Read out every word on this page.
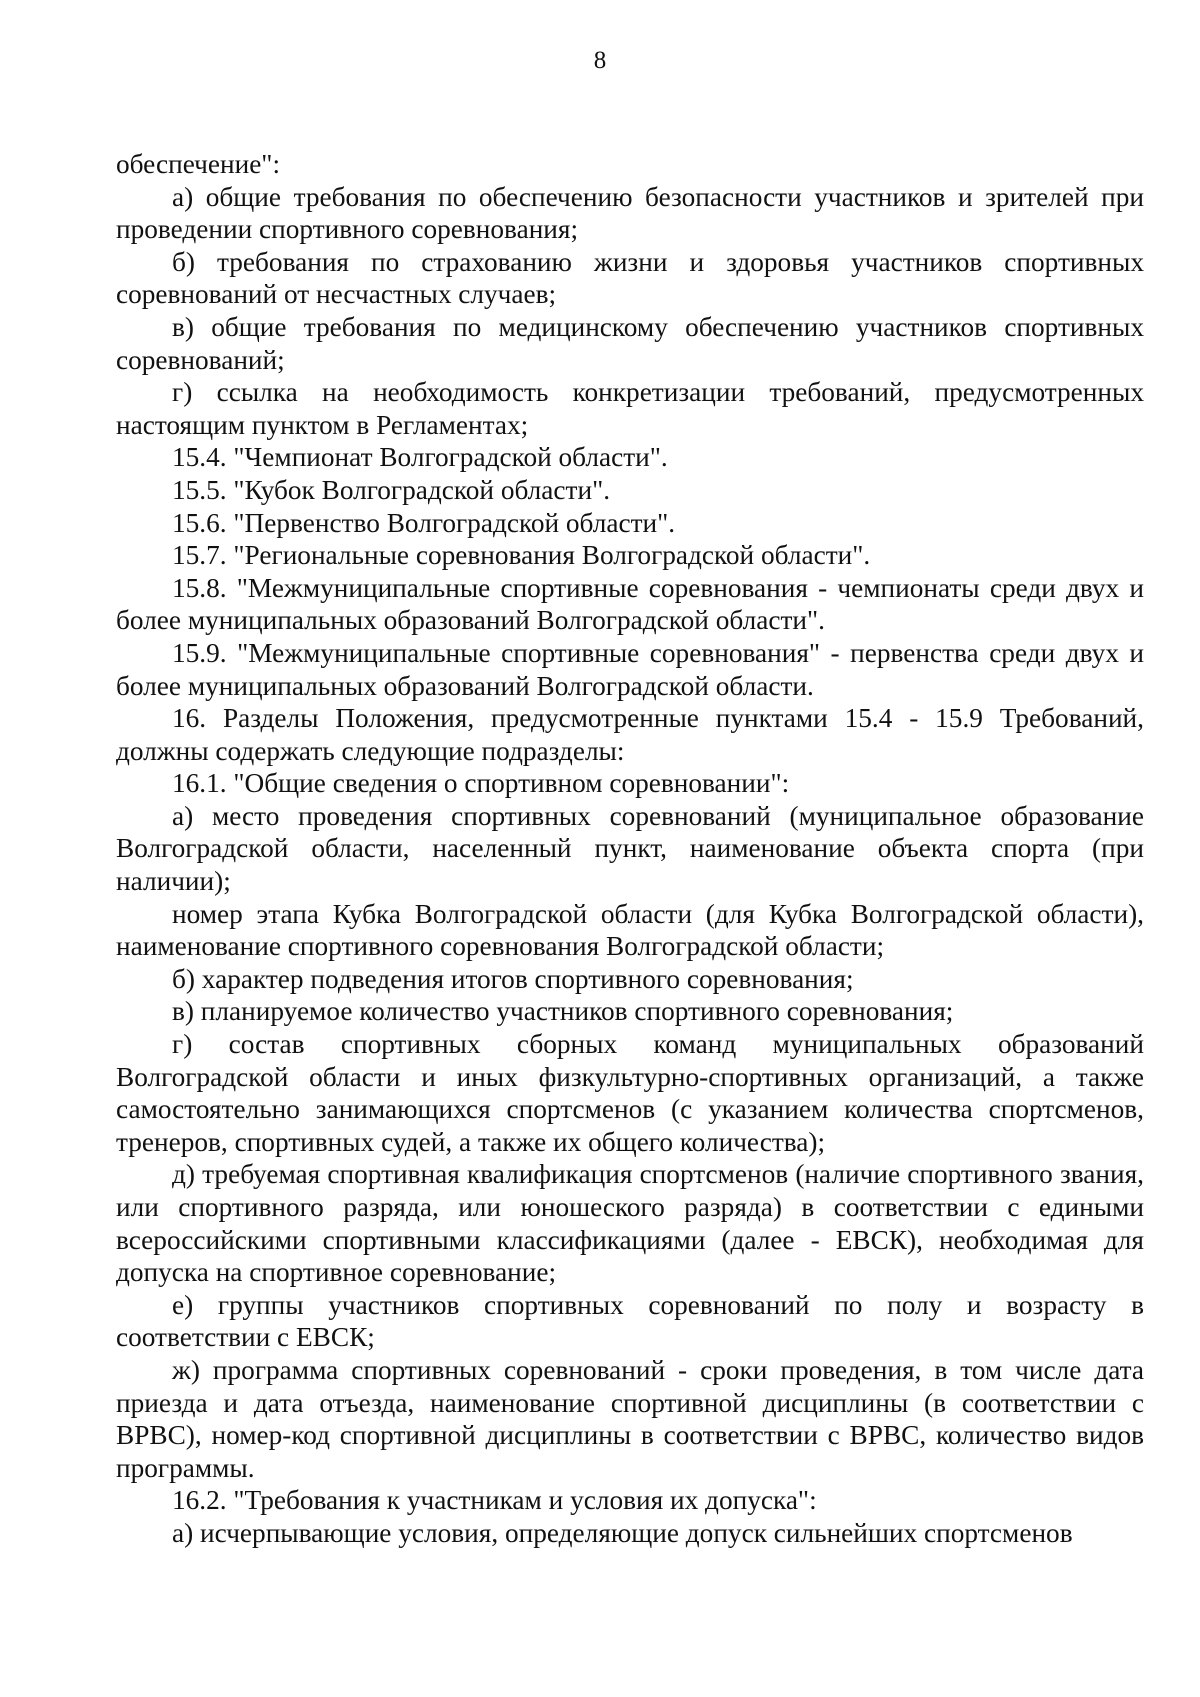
8

обеспечение":

а) общие требования по обеспечению безопасности участников и зрителей при проведении спортивного соревнования;

б) требования по страхованию жизни и здоровья участников спортивных соревнований от несчастных случаев;

в) общие требования по медицинскому обеспечению участников спортивных соревнований;

г) ссылка на необходимость конкретизации требований, предусмотренных настоящим пунктом в Регламентах;

15.4. "Чемпионат Волгоградской области".

15.5. "Кубок Волгоградской области".

15.6. "Первенство Волгоградской области".

15.7. "Региональные соревнования Волгоградской области".

15.8. "Межмуниципальные спортивные соревнования - чемпионаты среди двух и более муниципальных образований Волгоградской области".

15.9. "Межмуниципальные спортивные соревнования" - первенства среди двух и более муниципальных образований Волгоградской области.

16. Разделы Положения, предусмотренные пунктами 15.4 - 15.9 Требований, должны содержать следующие подразделы:

16.1. "Общие сведения о спортивном соревновании":

а) место проведения спортивных соревнований (муниципальное образование Волгоградской области, населенный пункт, наименование объекта спорта (при наличии);

номер этапа Кубка Волгоградской области (для Кубка Волгоградской области), наименование спортивного соревнования Волгоградской области;

б) характер подведения итогов спортивного соревнования;

в) планируемое количество участников спортивного соревнования;

г) состав спортивных сборных команд муниципальных образований Волгоградской области и иных физкультурно-спортивных организаций, а также самостоятельно занимающихся спортсменов (с указанием количества спортсменов, тренеров, спортивных судей, а также их общего количества);

д) требуемая спортивная квалификация спортсменов (наличие спортивного звания, или спортивного разряда, или юношеского разряда) в соответствии с едиными всероссийскими спортивными классификациями (далее - ЕВСК), необходимая для допуска на спортивное соревнование;

е) группы участников спортивных соревнований по полу и возрасту в соответствии с ЕВСК;

ж) программа спортивных соревнований - сроки проведения, в том числе дата приезда и дата отъезда, наименование спортивной дисциплины (в соответствии с ВРВС), номер-код спортивной дисциплины в соответствии с ВРВС, количество видов программы.

16.2. "Требования к участникам и условия их допуска":

а) исчерпывающие условия, определяющие допуск сильнейших спортсменов
